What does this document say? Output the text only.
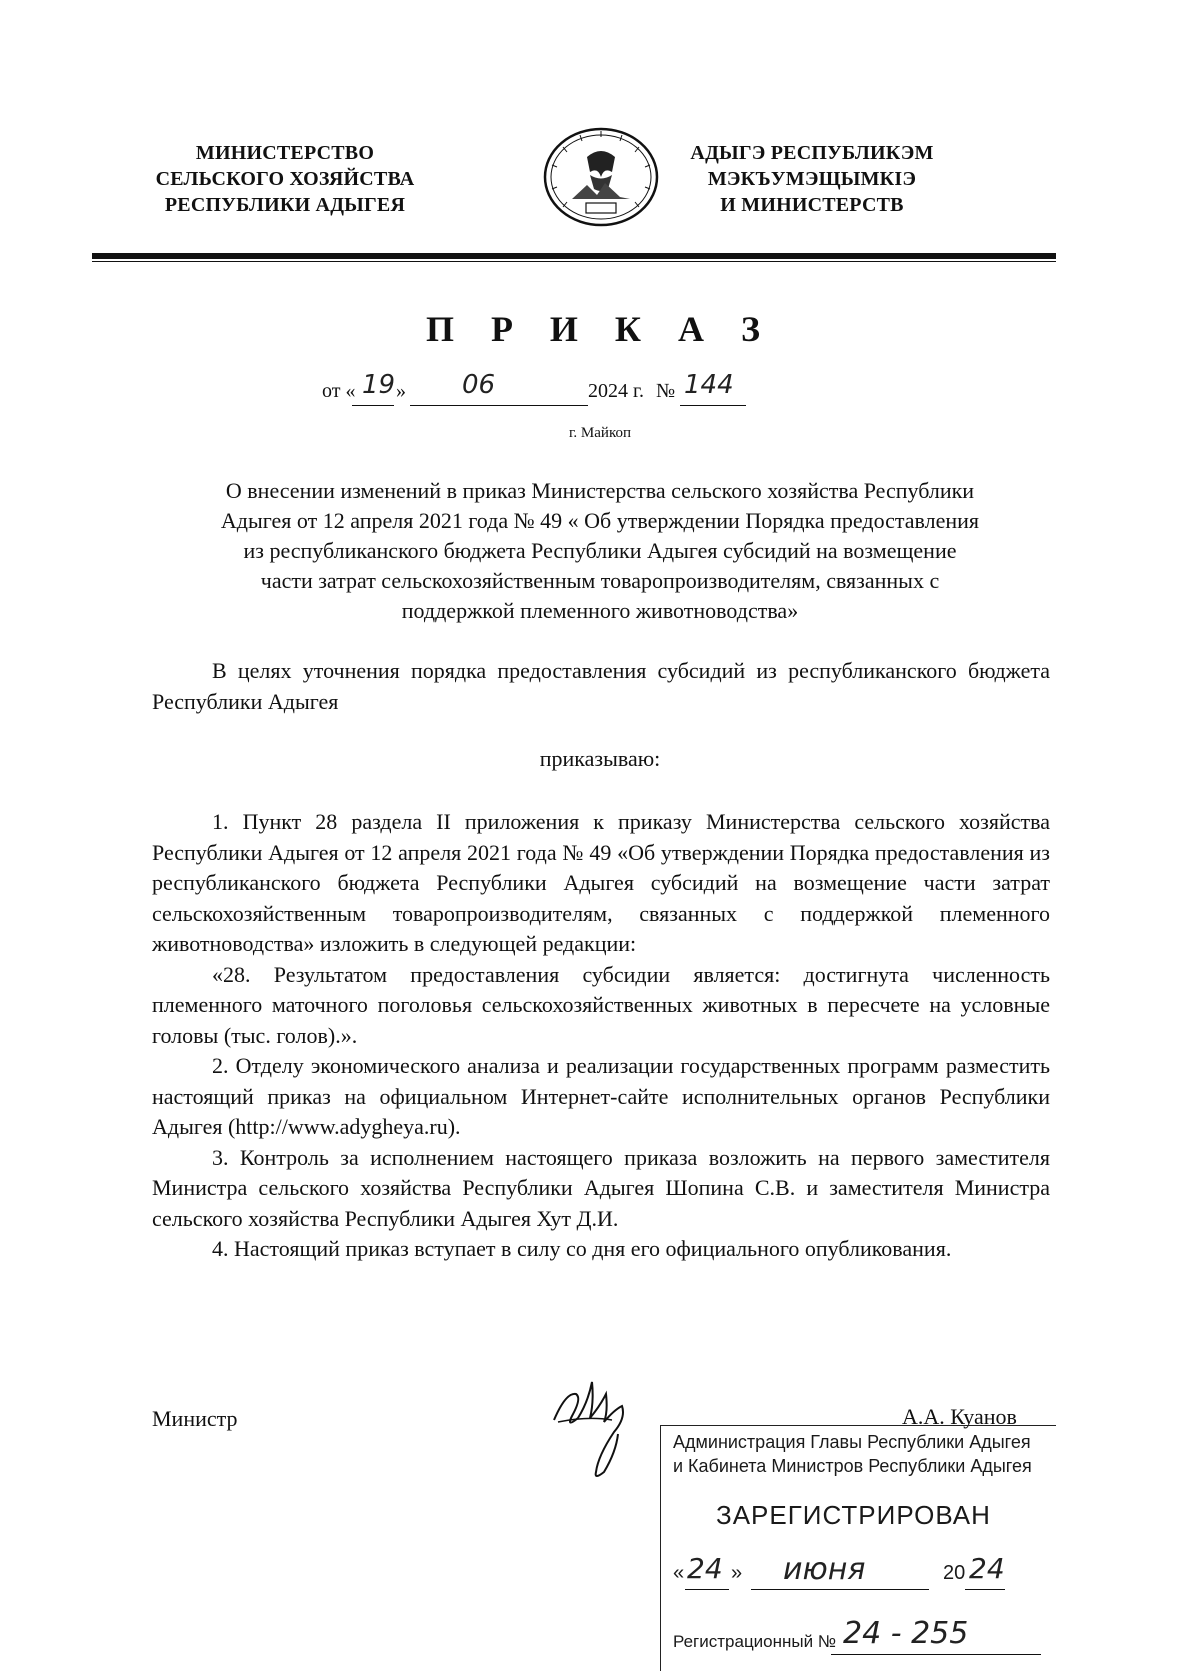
МИНИСТЕРСТВО
СЕЛЬСКОГО ХОЗЯЙСТВА
РЕСПУБЛИКИ АДЫГЕЯ
АДЫГЭ РЕСПУБЛИКЭМ
МЭКЪУМЭЩЫМКIЭ
И МИНИСТЕРСТВ
П Р И К А З
от « 19 » 06	2024 г. № 144
г. Майкоп
О внесении изменений в приказ Министерства сельского хозяйства Республики
Адыгея от 12 апреля 2021 года № 49 « Об утверждении Порядка предоставления
из республиканского бюджета Республики Адыгея субсидий на возмещение
части затрат сельскохозяйственным товаропроизводителям, связанных с
поддержкой племенного животноводства»

В целях уточнения порядка предоставления субсидий из республиканского бюджета Республики Адыгея

приказываю:

1. Пункт 28 раздела II приложения к приказу Министерства сельского хозяйства Республики Адыгея от 12 апреля 2021 года № 49 «Об утверждении Порядка предоставления из республиканского бюджета Республики Адыгея субсидий на возмещение части затрат сельскохозяйственным товаропроизводителям, связанных с поддержкой племенного животноводства» изложить в следующей редакции:

«28. Результатом предоставления субсидии является: достигнута численность племенного маточного поголовья сельскохозяйственных животных в пересчете на условные головы (тыс. голов).».

2. Отделу экономического анализа и реализации государственных программ разместить настоящий приказ на официальном Интернет-сайте исполнительных органов Республики Адыгея (http://www.adygheya.ru).

3. Контроль за исполнением настоящего приказа возложить на первого заместителя Министра сельского хозяйства Республики Адыгея Шопина С.В. и заместителя Министра сельского хозяйства Республики Адыгея Хут Д.И.

4. Настоящий приказ вступает в силу со дня его официального опубликования.

Министр	А.А. Куанов
Администрация Главы Республики Адыгея
и Кабинета Министров Республики Адыгея
ЗАРЕГИСТРИРОВАН
« 24 » июня	20 24
Регистрационный № 24 - 255
